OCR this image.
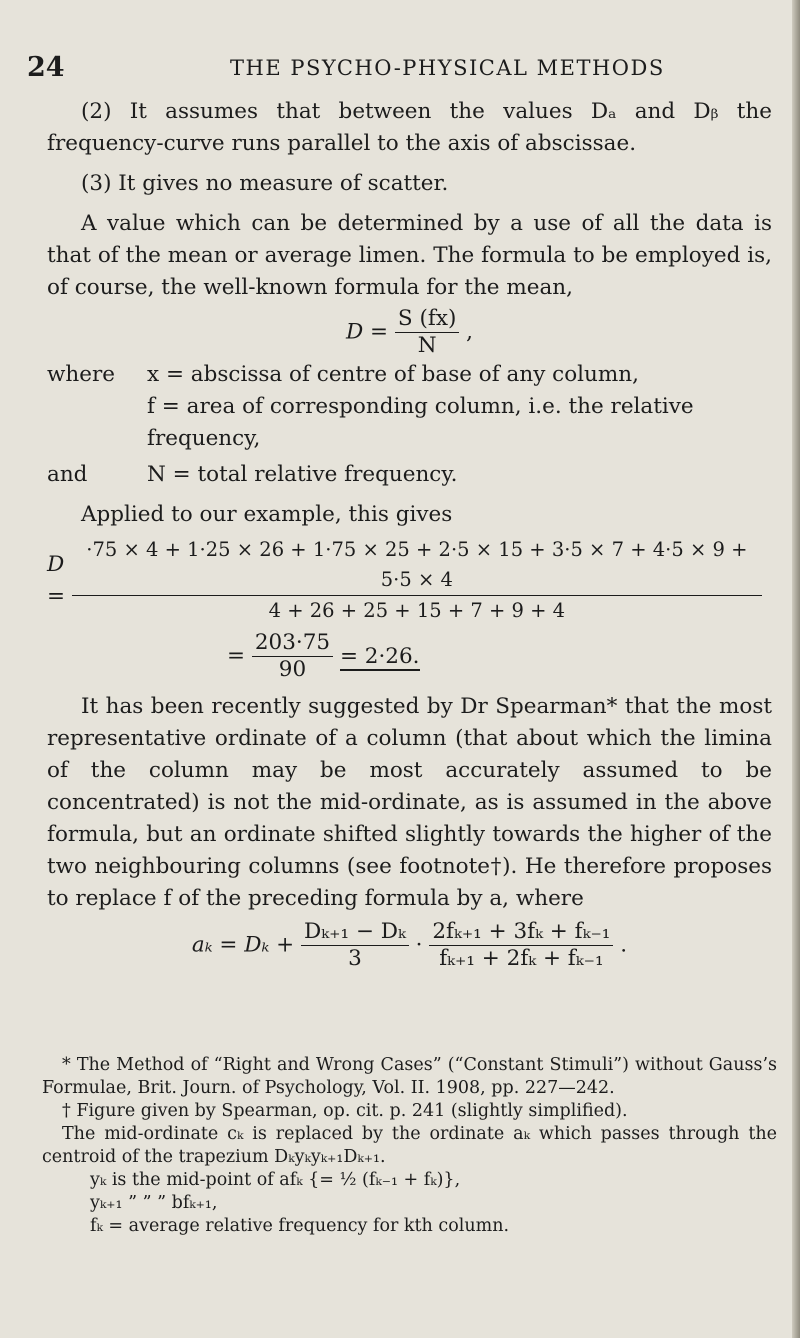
24	THE PSYCHO-PHYSICAL METHODS

(2) It assumes that between the values Dₐ and Dᵦ the frequency-curve runs parallel to the axis of abscissae.

(3) It gives no measure of scatter.

A value which can be determined by a use of all the data is that of the mean or average limen. The formula to be employed is, of course, the well-known formula for the mean,

$D = \frac{S (fx)}{N}$ ,
where	x = abscissa of centre of base of any column,
f = area of corresponding column, i.e. the relative frequency,
and	N = total relative frequency.

Applied to our example, this gives

D =
·75 × 4 + 1·25 × 26 + 1·75 × 25 + 2·5 × 15 + 3·5 × 7 + 4·5 × 9 + 5·5 × 4
4 + 26 + 25 + 15 + 7 + 9 + 4
= $\frac{203\cdot 75}{90} = 2\cdot 26$.

It has been recently suggested by Dr Spearman* that the most representative ordinate of a column (that about which the limina of the column may be most accurately assumed to be concentrated) is not the mid-ordinate, as is assumed in the above formula, but an ordinate shifted slightly towards the higher of the two neighbouring columns (see footnote†). He therefore proposes to replace f of the preceding formula by a, where

$a_k = D_k + \frac{\text{Dₖ₊₁ − Dₖ}}{3} \cdot \frac{\text{2fₖ₊₁ + 3fₖ + fₖ₋₁}}{\text{fₖ₊₁ + 2fₖ + fₖ₋₁}}$ .

* The Method of “Right and Wrong Cases” (“Constant Stimuli”) without Gauss’s Formulae, Brit. Journ. of Psychology, Vol. II. 1908, pp. 227—242.

† Figure given by Spearman, op. cit. p. 241 (slightly simplified).

The mid-ordinate cₖ is replaced by the ordinate aₖ which passes through the centroid of the trapezium Dₖyₖyₖ₊₁Dₖ₊₁.

yₖ is the mid-point of afₖ {= ½ (fₖ₋₁ + fₖ)},

yₖ₊₁ ” ” ” bfₖ₊₁,

fₖ = average relative frequency for kth column.
